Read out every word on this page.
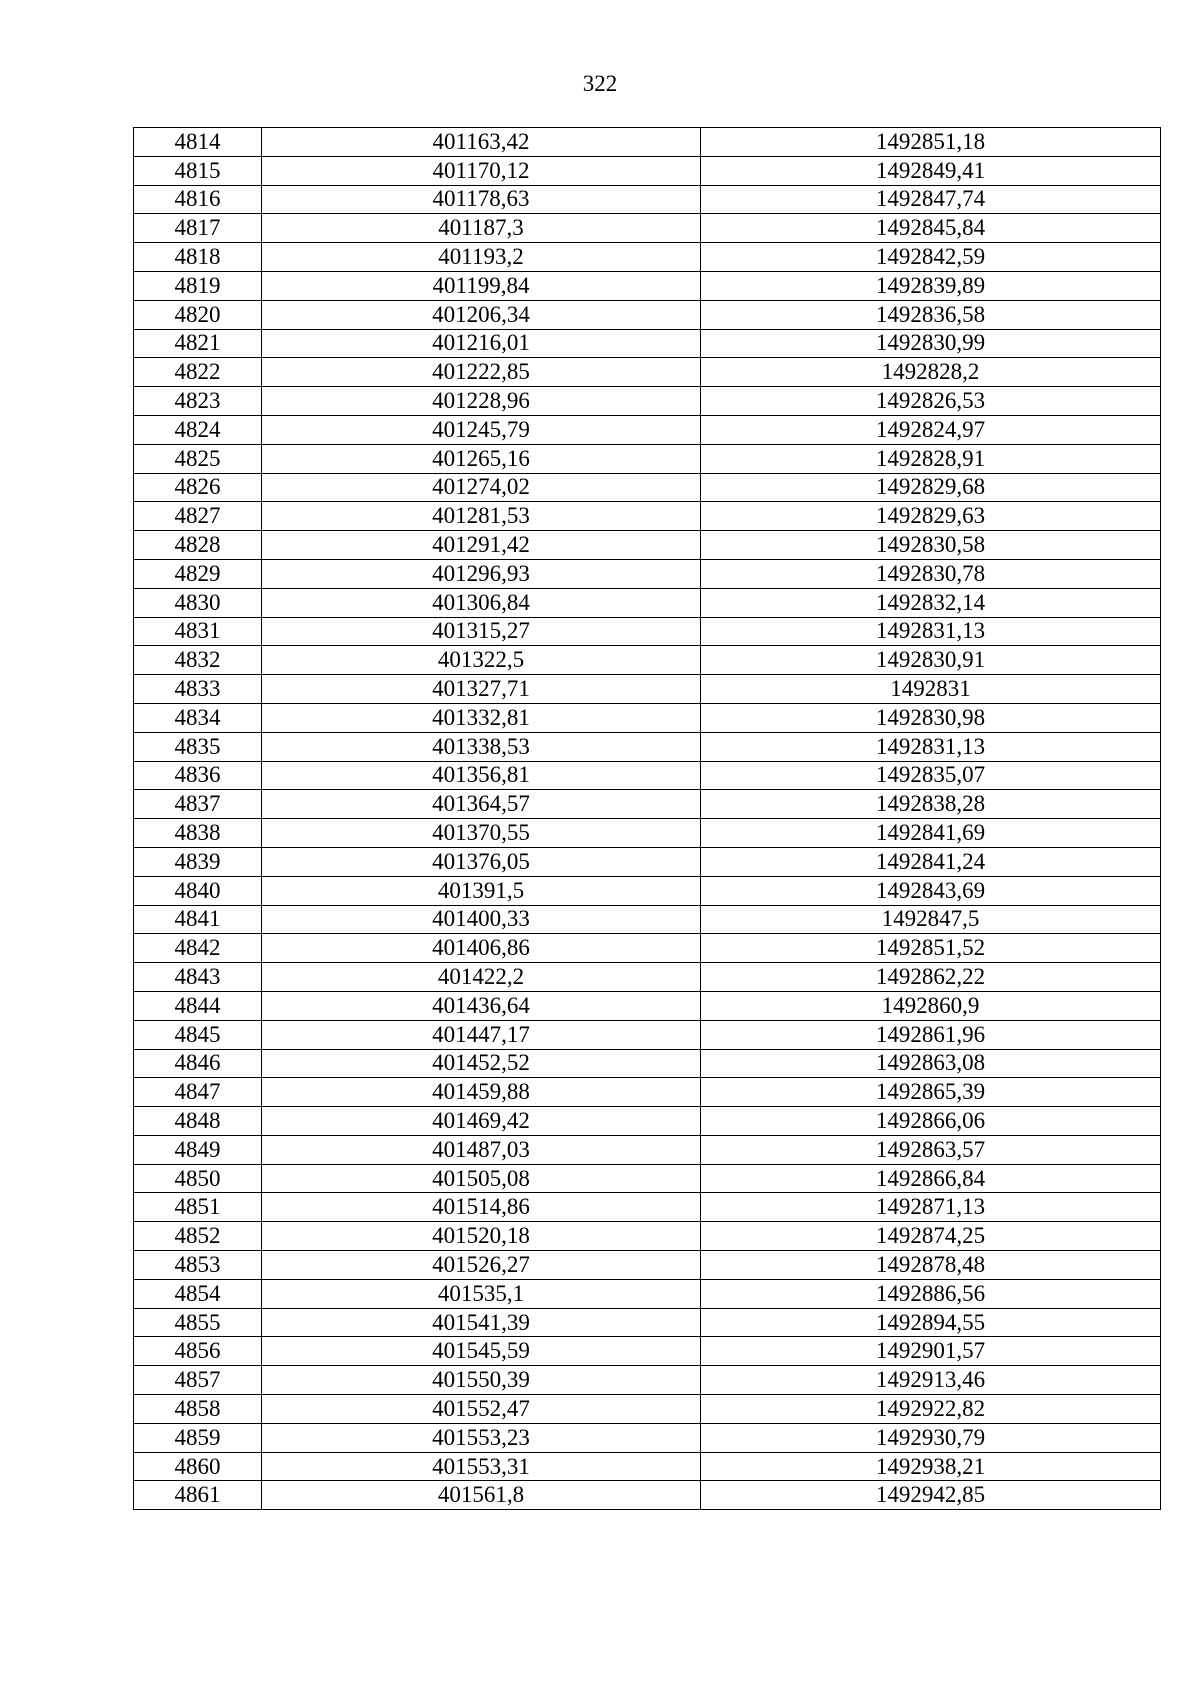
322
4814	401163,42	1492851,18
4815	401170,12	1492849,41
4816	401178,63	1492847,74
4817	401187,3	1492845,84
4818	401193,2	1492842,59
4819	401199,84	1492839,89
4820	401206,34	1492836,58
4821	401216,01	1492830,99
4822	401222,85	1492828,2
4823	401228,96	1492826,53
4824	401245,79	1492824,97
4825	401265,16	1492828,91
4826	401274,02	1492829,68
4827	401281,53	1492829,63
4828	401291,42	1492830,58
4829	401296,93	1492830,78
4830	401306,84	1492832,14
4831	401315,27	1492831,13
4832	401322,5	1492830,91
4833	401327,71	1492831
4834	401332,81	1492830,98
4835	401338,53	1492831,13
4836	401356,81	1492835,07
4837	401364,57	1492838,28
4838	401370,55	1492841,69
4839	401376,05	1492841,24
4840	401391,5	1492843,69
4841	401400,33	1492847,5
4842	401406,86	1492851,52
4843	401422,2	1492862,22
4844	401436,64	1492860,9
4845	401447,17	1492861,96
4846	401452,52	1492863,08
4847	401459,88	1492865,39
4848	401469,42	1492866,06
4849	401487,03	1492863,57
4850	401505,08	1492866,84
4851	401514,86	1492871,13
4852	401520,18	1492874,25
4853	401526,27	1492878,48
4854	401535,1	1492886,56
4855	401541,39	1492894,55
4856	401545,59	1492901,57
4857	401550,39	1492913,46
4858	401552,47	1492922,82
4859	401553,23	1492930,79
4860	401553,31	1492938,21
4861	401561,8	1492942,85
